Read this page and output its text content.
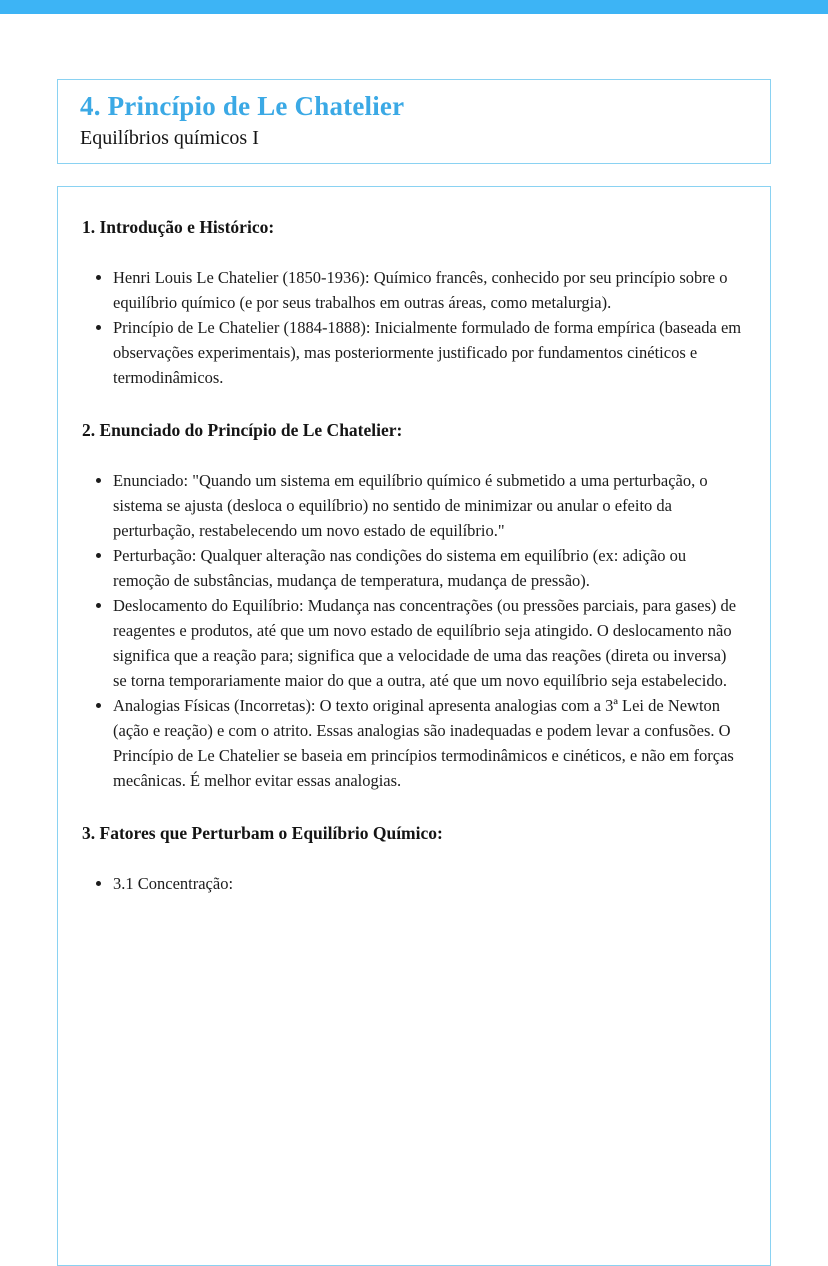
4. Princípio de Le Chatelier

Equilíbrios químicos I

1. Introdução e Histórico:
• Henri Louis Le Chatelier (1850-1936): Químico francês, conhecido por seu princípio sobre o equilíbrio químico (e por seus trabalhos em outras áreas, como metalurgia).
• Princípio de Le Chatelier (1884-1888): Inicialmente formulado de forma empírica (baseada em observações experimentais), mas posteriormente justificado por fundamentos cinéticos e termodinâmicos.
2. Enunciado do Princípio de Le Chatelier:
• Enunciado: "Quando um sistema em equilíbrio químico é submetido a uma perturbação, o sistema se ajusta (desloca o equilíbrio) no sentido de minimizar ou anular o efeito da perturbação, restabelecendo um novo estado de equilíbrio."
• Perturbação: Qualquer alteração nas condições do sistema em equilíbrio (ex: adição ou remoção de substâncias, mudança de temperatura, mudança de pressão).
• Deslocamento do Equilíbrio: Mudança nas concentrações (ou pressões parciais, para gases) de reagentes e produtos, até que um novo estado de equilíbrio seja atingido. O deslocamento não significa que a reação para; significa que a velocidade de uma das reações (direta ou inversa) se torna temporariamente maior do que a outra, até que um novo equilíbrio seja estabelecido.
• Analogias Físicas (Incorretas): O texto original apresenta analogias com a 3ª Lei de Newton (ação e reação) e com o atrito. Essas analogias são inadequadas e podem levar a confusões. O Princípio de Le Chatelier se baseia em princípios termodinâmicos e cinéticos, e não em forças mecânicas. É melhor evitar essas analogias.
3. Fatores que Perturbam o Equilíbrio Químico:
• 3.1 Concentração:
